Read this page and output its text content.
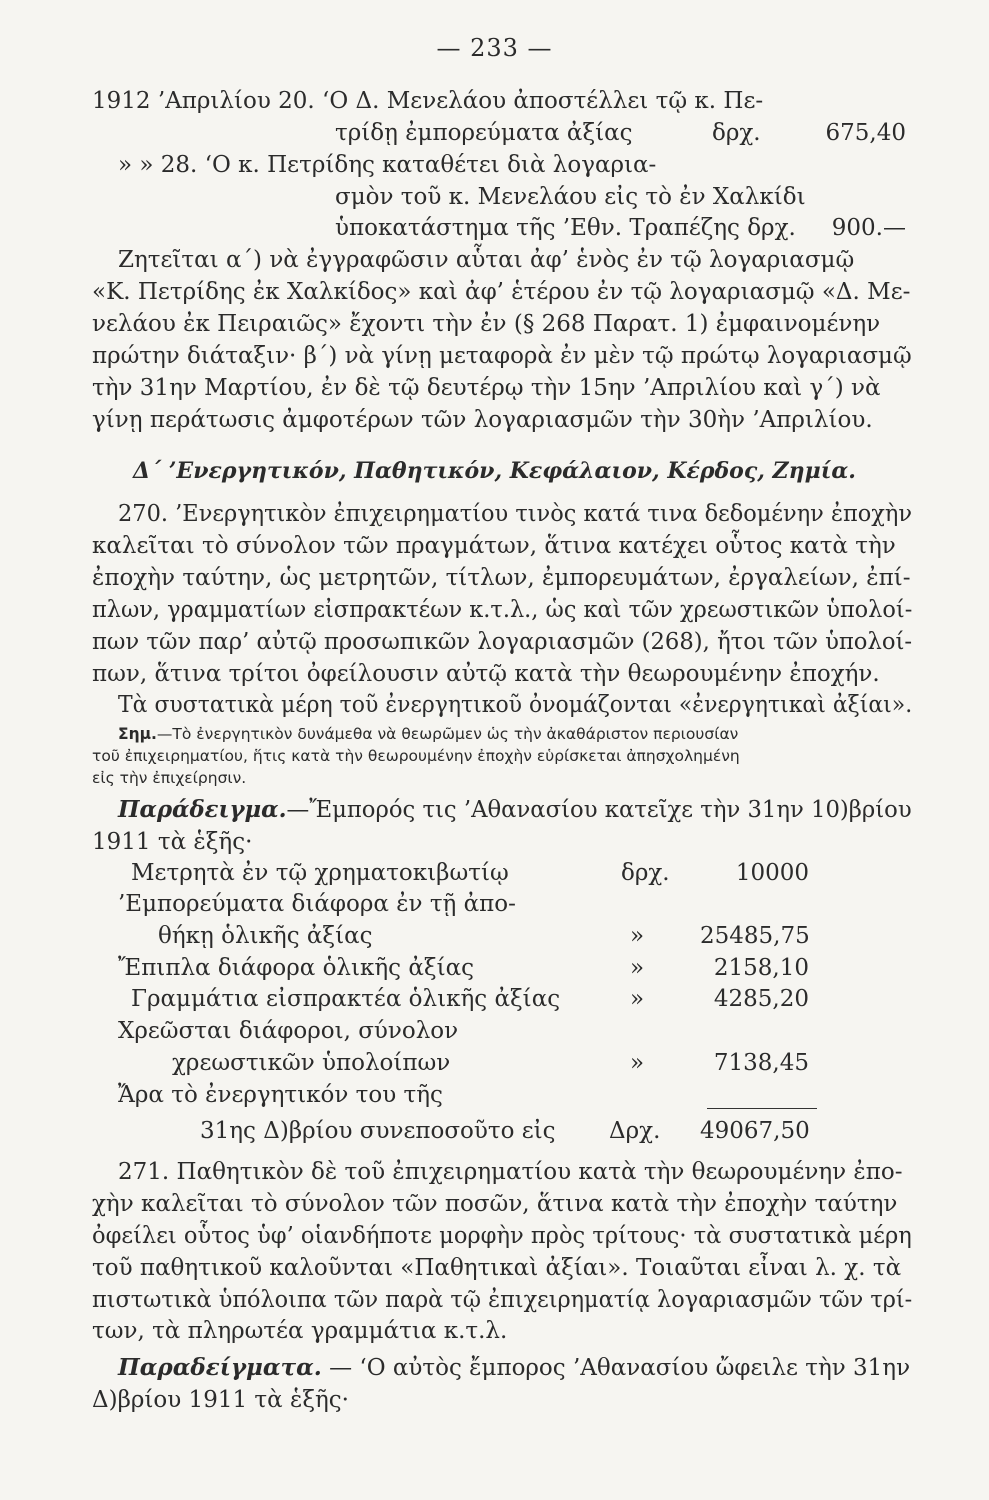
— 233 —
1912 ’Απριλίου 20. ‘Ο Δ. Μενελάου ἀποστέλλει τῷ κ. Πε-
τρίδῃ ἐμπορεύματα ἀξίας	δρχ.	675,40
» » 28. ‘Ο κ. Πετρίδης καταθέτει διὰ λογαρια-
σμὸν τοῦ κ. Μενελάου εἰς τὸ ἐν Χαλκίδι
ὑποκατάστημα τῆς ’Εθν. Τραπέζης δρχ.	900.—
Ζητεῖται α΄) νὰ ἐγγραφῶσιν αὗται ἀφ’ ἑνὸς ἐν τῷ λογαριασμῷ
«Κ. Πετρίδης ἐκ Χαλκίδος» καὶ ἀφ’ ἑτέρου ἐν τῷ λογαριασμῷ «Δ. Με-
νελάου ἐκ Πειραιῶς» ἔχοντι τὴν ἐν (§ 268 Παρατ. 1) ἐμφαινομένην
πρώτην διάταξιν· β΄) νὰ γίνῃ μεταφορὰ ἐν μὲν τῷ πρώτῳ λογαριασμῷ
τὴν 31ην Μαρτίου, ἐν δὲ τῷ δευτέρῳ τὴν 15ην ’Απριλίου καὶ γ΄) νὰ
γίνῃ περάτωσις ἀμφοτέρων τῶν λογαριασμῶν τὴν 30ὴν ’Απριλίου.
Δ΄ ’Ενεργητικόν, Παθητικόν, Κεφάλαιον, Κέρδος, Ζημία.
270. ’Ενεργητικὸν ἐπιχειρηματίου τινὸς κατά τινα δεδομένην ἐποχὴν
καλεῖται τὸ σύνολον τῶν πραγμάτων, ἅτινα κατέχει οὗτος κατὰ τὴν
ἐποχὴν ταύτην, ὡς μετρητῶν, τίτλων, ἐμπορευμάτων, ἐργαλείων, ἐπί-
πλων, γραμματίων εἰσπρακτέων κ.τ.λ., ὡς καὶ τῶν χρεωστικῶν ὑπολοί-
πων τῶν παρ’ αὐτῷ προσωπικῶν λογαριασμῶν (268), ἤτοι τῶν ὑπολοί-
πων, ἅτινα τρίτοι ὀφείλουσιν αὐτῷ κατὰ τὴν θεωρουμένην ἐποχήν.
Τὰ συστατικὰ μέρη τοῦ ἐνεργητικοῦ ὀνομάζονται «ἐνεργητικαὶ ἀξίαι».
Σημ.—Τὸ ἐνεργητικὸν δυνάμεθα νὰ θεωρῶμεν ὡς τὴν ἀκαθάριστον περιουσίαν
τοῦ ἐπιχειρηματίου, ἥτις κατὰ τὴν θεωρουμένην ἐποχὴν εὑρίσκεται ἀπησχολημένη
εἰς τὴν ἐπιχείρησιν.
Παράδειγμα.—Ἔμπορός τις ’Αθανασίου κατεῖχε τὴν 31ην 10)βρίου
1911 τὰ ἑξῆς·
Μετρητὰ ἐν τῷ χρηματοκιβωτίῳ	δρχ.	10000
’Εμπορεύματα διάφορα ἐν τῇ ἀπο-
θήκῃ ὁλικῆς ἀξίας	» 25485,75
Ἔπιπλα διάφορα ὁλικῆς ἀξίας	»	2158,10
Γραμμάτια εἰσπρακτέα ὁλικῆς ἀξίας	»	4285,20
Χρεῶσται διάφοροι, σύνολον
χρεωστικῶν ὑπολοίπων	»	7138,45
Ἄρα τὸ ἐνεργητικόν του τῆς
31ης Δ)βρίου συνεποσοῦτο εἰς Δρχ. 49067,50
271. Παθητικὸν δὲ τοῦ ἐπιχειρηματίου κατὰ τὴν θεωρουμένην ἐπο-
χὴν καλεῖται τὸ σύνολον τῶν ποσῶν, ἅτινα κατὰ τὴν ἐποχὴν ταύτην
ὀφείλει οὗτος ὑφ’ οἱανδήποτε μορφὴν πρὸς τρίτους· τὰ συστατικὰ μέρη
τοῦ παθητικοῦ καλοῦνται «Παθητικαὶ ἀξίαι». Τοιαῦται εἶναι λ. χ. τὰ
πιστωτικὰ ὑπόλοιπα τῶν παρὰ τῷ ἐπιχειρηματίᾳ λογαριασμῶν τῶν τρί-
των, τὰ πληρωτέα γραμμάτια κ.τ.λ.
Παραδείγματα. — ‘Ο αὐτὸς ἔμπορος ’Αθανασίου ὤφειλε τὴν 31ην
Δ)βρίου 1911 τὰ ἑξῆς·
